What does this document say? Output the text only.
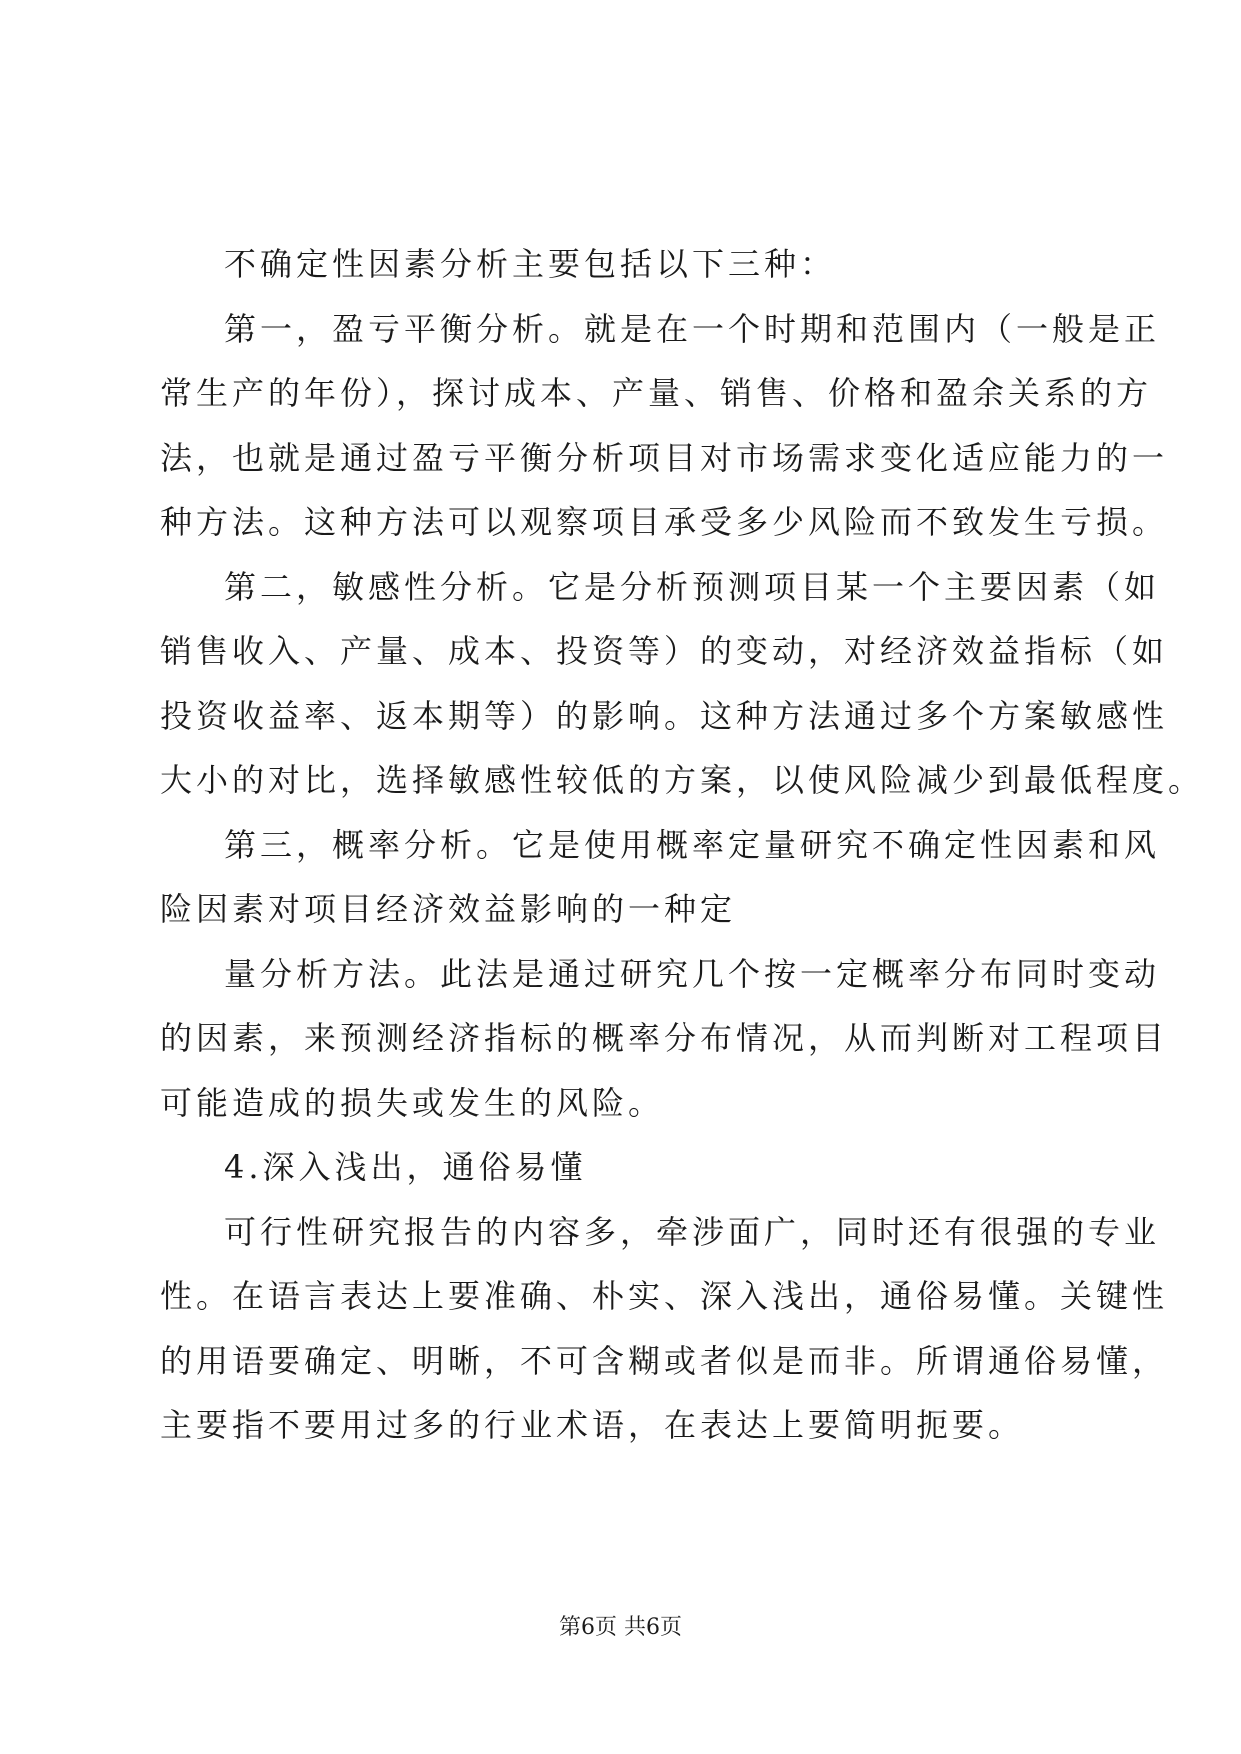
不确定性因素分析主要包括以下三种：
第一，盈亏平衡分析。就是在一个时期和范围内（一般是正
常生产的年份），探讨成本、产量、销售、价格和盈余关系的方
法，也就是通过盈亏平衡分析项目对市场需求变化适应能力的一
种方法。这种方法可以观察项目承受多少风险而不致发生亏损。
第二，敏感性分析。它是分析预测项目某一个主要因素（如
销售收入、产量、成本、投资等）的变动，对经济效益指标（如
投资收益率、返本期等）的影响。这种方法通过多个方案敏感性
大小的对比，选择敏感性较低的方案，以使风险减少到最低程度。
第三，概率分析。它是使用概率定量研究不确定性因素和风
险因素对项目经济效益影响的一种定
量分析方法。此法是通过研究几个按一定概率分布同时变动
的因素，来预测经济指标的概率分布情况，从而判断对工程项目
可能造成的损失或发生的风险。
4.深入浅出，通俗易懂
可行性研究报告的内容多，牵涉面广，同时还有很强的专业
性。在语言表达上要准确、朴实、深入浅出，通俗易懂。关键性
的用语要确定、明晰，不可含糊或者似是而非。所谓通俗易懂，
主要指不要用过多的行业术语，在表达上要简明扼要。
第6页 共6页
